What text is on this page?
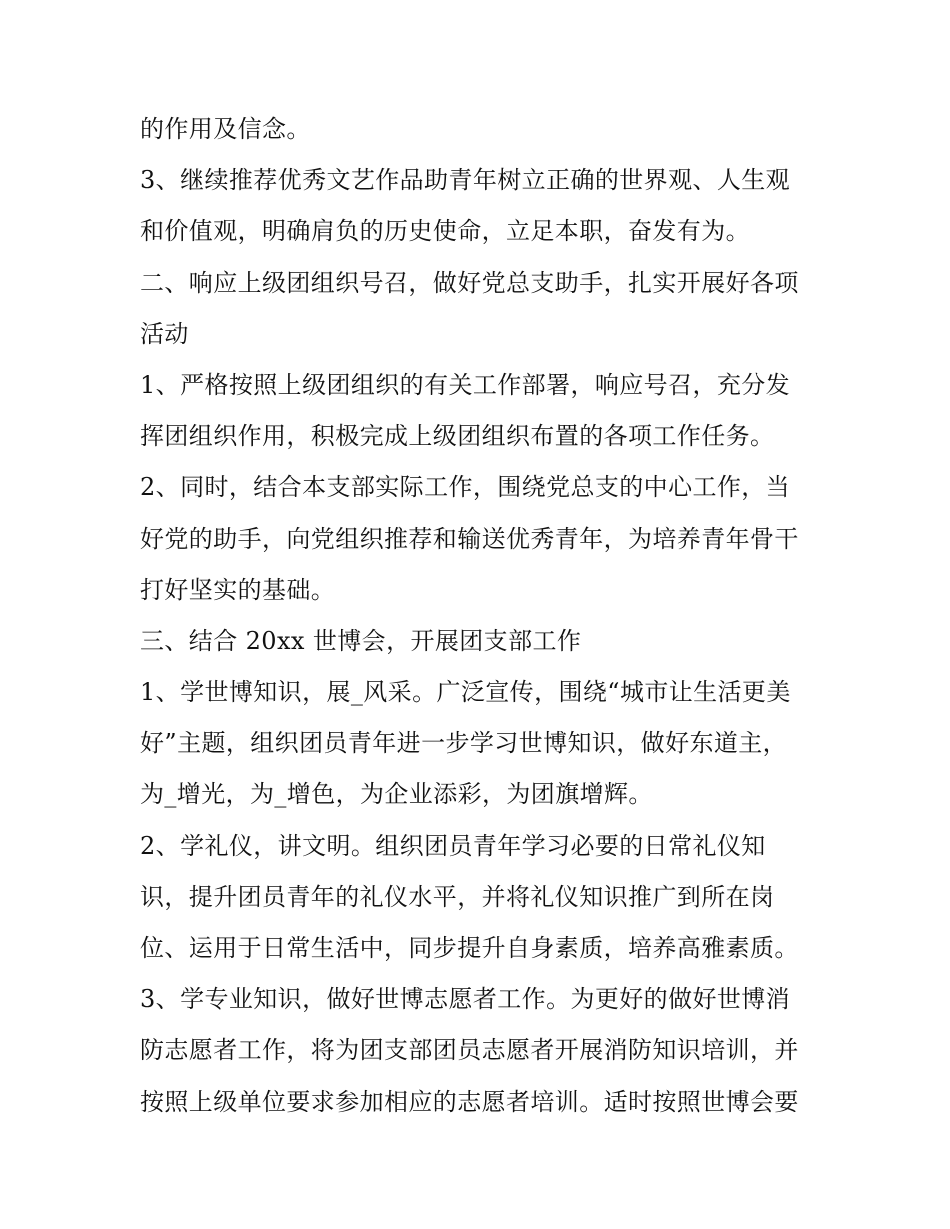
的作用及信念。
3、继续推荐优秀文艺作品助青年树立正确的世界观、人生观
和价值观，明确肩负的历史使命，立足本职，奋发有为。
二、响应上级团组织号召，做好党总支助手，扎实开展好各项
活动
1、严格按照上级团组织的有关工作部署，响应号召，充分发
挥团组织作用，积极完成上级团组织布置的各项工作任务。
2、同时，结合本支部实际工作，围绕党总支的中心工作，当
好党的助手，向党组织推荐和输送优秀青年，为培养青年骨干
打好坚实的基础。
三、结合 20xx 世博会，开展团支部工作
1、学世博知识，展_风采。广泛宣传，围绕“城市让生活更美
好”主题，组织团员青年进一步学习世博知识，做好东道主，
为_增光，为_增色，为企业添彩，为团旗增辉。
2、学礼仪，讲文明。组织团员青年学习必要的日常礼仪知
识，提升团员青年的礼仪水平，并将礼仪知识推广到所在岗
位、运用于日常生活中，同步提升自身素质，培养高雅素质。
3、学专业知识，做好世博志愿者工作。为更好的做好世博消
防志愿者工作，将为团支部团员志愿者开展消防知识培训，并
按照上级单位要求参加相应的志愿者培训。适时按照世博会要
